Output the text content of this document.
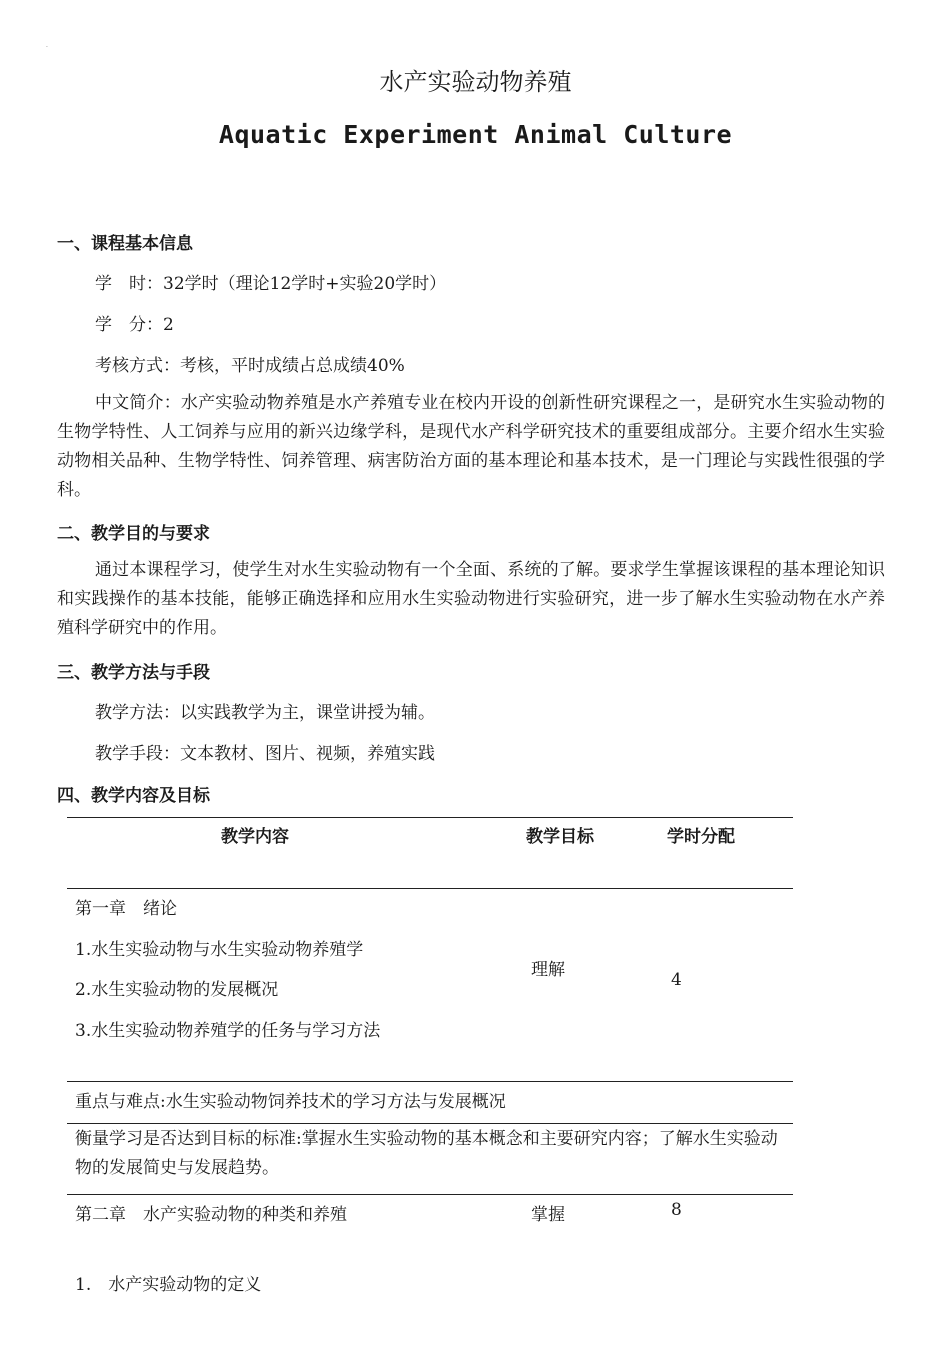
·
水产实验动物养殖
Aquatic Experiment Animal Culture
一、课程基本信息
学　时：32学时（理论12学时+实验20学时）
学　分：2
考核方式：考核，平时成绩占总成绩40%
中文简介：水产实验动物养殖是水产养殖专业在校内开设的创新性研究课程之一，是研究水生实验动物的生物学特性、人工饲养与应用的新兴边缘学科，是现代水产科学研究技术的重要组成部分。主要介绍水生实验动物相关品种、生物学特性、饲养管理、病害防治方面的基本理论和基本技术，是一门理论与实践性很强的学科。
二、教学目的与要求
通过本课程学习，使学生对水生实验动物有一个全面、系统的了解。要求学生掌握该课程的基本理论知识和实践操作的基本技能，能够正确选择和应用水生实验动物进行实验研究，进一步了解水生实验动物在水产养殖科学研究中的作用。
三、教学方法与手段
教学方法：以实践教学为主，课堂讲授为辅。
教学手段：文本教材、图片、视频，养殖实践
四、教学内容及目标
教学内容	教学目标	学时分配
第一章　绪论
1.水生实验动物与水生实验动物养殖学
2.水生实验动物的发展概况
3.水生实验动物养殖学的任务与学习方法
理解	4
重点与难点:水生实验动物饲养技术的学习方法与发展概况
衡量学习是否达到目标的标准:掌握水生实验动物的基本概念和主要研究内容；了解水生实验动物的发展简史与发展趋势。
第二章　水产实验动物的种类和养殖	掌握	8
1.　水产实验动物的定义
